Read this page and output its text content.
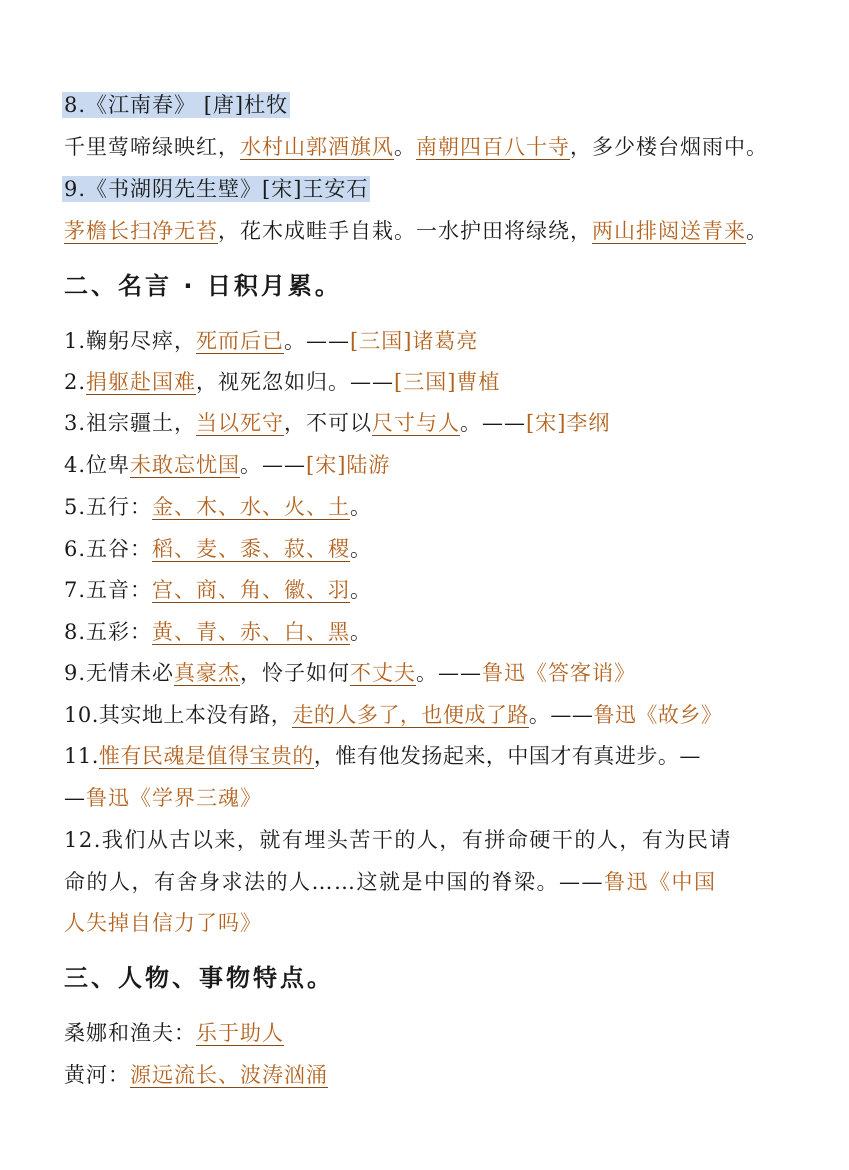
8.《江南春》 [唐]杜牧
千里莺啼绿映红，水村山郭酒旗风。南朝四百八十寺，多少楼台烟雨中。
9.《书湖阴先生壁》[宋]王安石
茅檐长扫净无苔，花木成畦手自栽。一水护田将绿绕，两山排闼送青来。
二、名言 · 日积月累。
1.鞠躬尽瘁，死而后已。——[三国]诸葛亮
2.捐躯赴国难，视死忽如归。——[三国]曹植
3.祖宗疆土，当以死守，不可以尺寸与人。——[宋]李纲
4.位卑未敢忘忧国。——[宋]陆游
5.五行：金、木、水、火、土。
6.五谷：稻、麦、黍、菽、稷。
7.五音：宫、商、角、徽、羽。
8.五彩：黄、青、赤、白、黑。
9.无情未必真豪杰，怜子如何不丈夫。——鲁迅《答客诮》
10.其实地上本没有路，走的人多了，也便成了路。——鲁迅《故乡》
11.惟有民魂是值得宝贵的，惟有他发扬起来，中国才有真进步。—
—鲁迅《学界三魂》
12.我们从古以来，就有埋头苦干的人，有拼命硬干的人，有为民请
命的人，有舍身求法的人……这就是中国的脊梁。——鲁迅《中国
人失掉自信力了吗》
三、人物、事物特点。
桑娜和渔夫：乐于助人
黄河：源远流长、波涛汹涌
